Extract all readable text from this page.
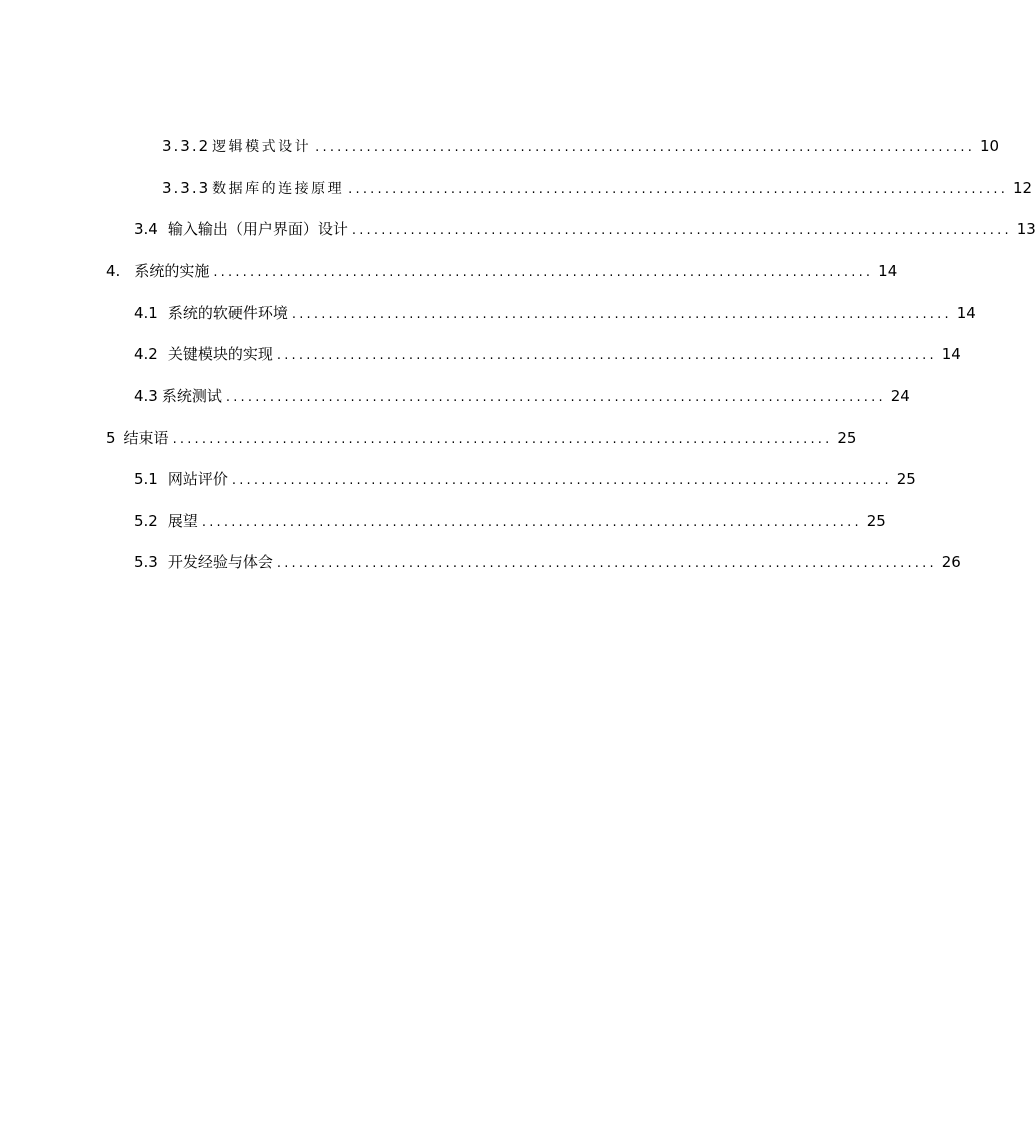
3.3.2 逻辑模式设计 .......................................................................................... 10
3.3.3 数据库的连接原理 .......................................................................................... 12
3.4 输入输出（用户界面）设计 .......................................................................................... 13
4. 系统的实施 .......................................................................................... 14
4.1 系统的软硬件环境 .......................................................................................... 14
4.2 关键模块的实现 .......................................................................................... 14
4.3 系统测试 .......................................................................................... 24
5 结束语 .......................................................................................... 25
5.1 网站评价 .......................................................................................... 25
5.2 展望 .......................................................................................... 25
5.3 开发经验与体会 .......................................................................................... 26
